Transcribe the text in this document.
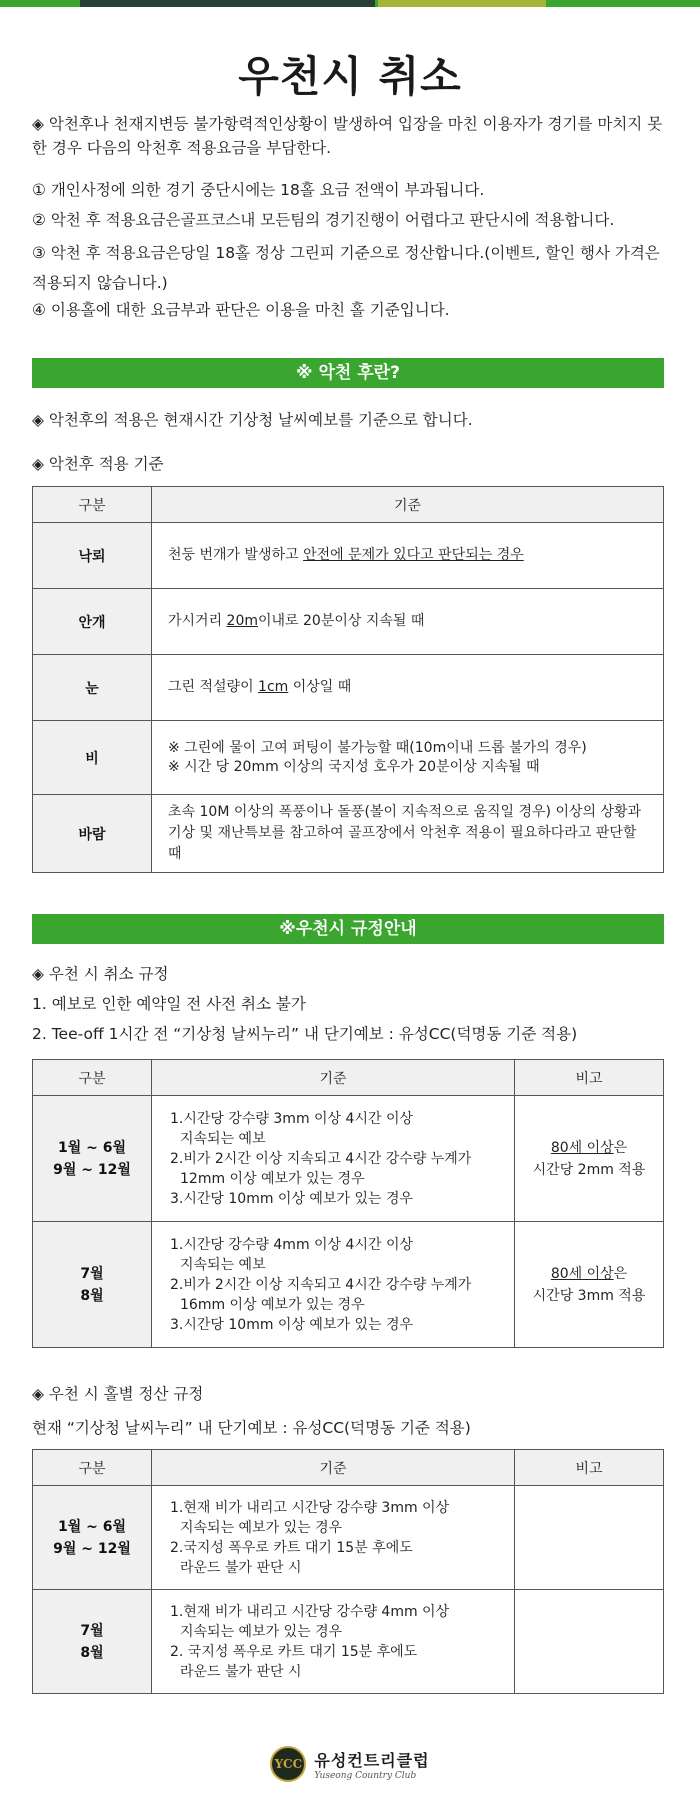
우천시 취소
◈ 악천후나 천재지변등 불가항력적인상황이 발생하여 입장을 마친 이용자가 경기를 마치지 못한 경우 다음의 악천후 적용요금을 부담한다.
① 개인사정에 의한 경기 중단시에는 18홀 요금 전액이 부과됩니다.
② 악천 후 적용요금은골프코스내 모든팀의 경기진행이 어렵다고 판단시에 적용합니다.
③ 악천 후 적용요금은당일 18홀 정상 그린피 기준으로 정산합니다.(이벤트, 할인 행사 가격은 적용되지 않습니다.)
④ 이용홀에 대한 요금부과 판단은 이용을 마친 홀 기준입니다.
※ 악천 후란?
◈ 악천후의 적용은 현재시간 기상청 날씨예보를 기준으로 합니다.
◈ 악천후 적용 기준
구분	기준
낙뢰	천둥 번개가 발생하고 안전에 문제가 있다고 판단되는 경우
안개	가시거리 20m이내로 20분이상 지속될 때
눈	그린 적설량이 1cm 이상일 때
비	※ 그린에 물이 고여 퍼팅이 불가능할 때(10m이내 드롭 불가의 경우)
※ 시간 당 20mm 이상의 국지성 호우가 20분이상 지속될 때

바람	초속 10M 이상의 폭풍이나 돌풍(볼이 지속적으로 움직일 경우) 이상의 상황과 기상 및 재난특보를 참고하여 골프장에서 악천후 적용이 필요하다라고 판단할때
※우천시 규정안내
◈ 우천 시 취소 규정
1. 예보로 인한 예약일 전 사전 취소 불가
2. Tee-off 1시간 전 “기상청 날씨누리” 내 단기예보 : 유성CC(덕명동 기준 적용)
구분	기준	비고

1월 ~ 6월
9월 ~ 12월	1.시간당 강수량 3mm 이상 4시간 이상
지속되는 예보
2.비가 2시간 이상 지속되고 4시간 강수량 누계가
12mm 이상 예보가 있는 경우
3.시간당 10mm 이상 예보가 있는 경우	80세 이상은
시간당 2mm 적용

7월
8월	1.시간당 강수량 4mm 이상 4시간 이상
지속되는 예보
2.비가 2시간 이상 지속되고 4시간 강수량 누계가
16mm 이상 예보가 있는 경우
3.시간당 10mm 이상 예보가 있는 경우	80세 이상은
시간당 3mm 적용
◈ 우천 시 홀별 정산 규정
현재 “기상청 날씨누리” 내 단기예보 : 유성CC(덕명동 기준 적용)
구분	기준	비고

1월 ~ 6월
9월 ~ 12월	1.현재 비가 내리고 시간당 강수량 3mm 이상
지속되는 예보가 있는 경우
2.국지성 폭우로 카트 대기 15분 후에도
라운드 불가 판단 시	

7월
8월	1.현재 비가 내리고 시간당 강수량 4mm 이상
지속되는 예보가 있는 경우
2. 국지성 폭우로 카트 대기 15분 후에도
라운드 불가 판단 시	

YCC 유성컨트리클럽
Yuseong Country Club
